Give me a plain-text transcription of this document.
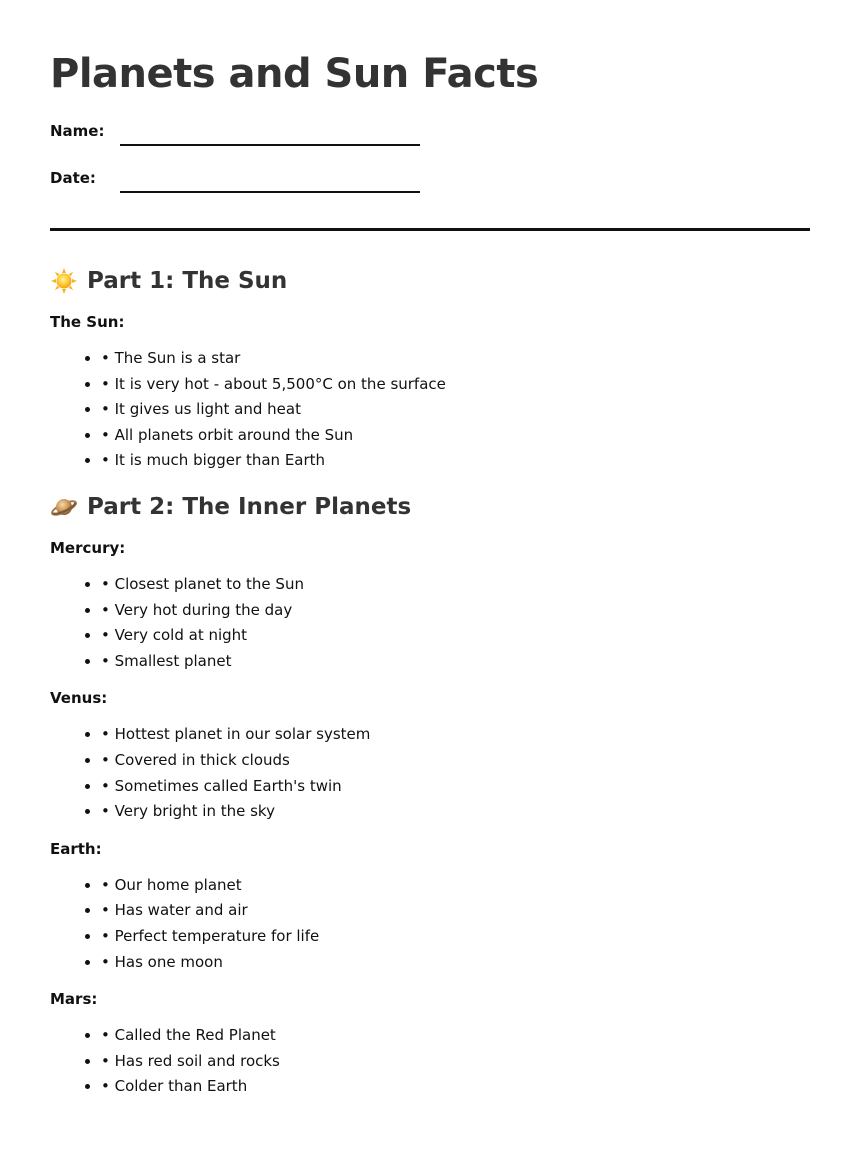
Planets and Sun Facts
Name:
Date:
Part 1: The Sun
The Sun:
• • The Sun is a star
• • It is very hot - about 5,500°C on the surface
• • It gives us light and heat
• • All planets orbit around the Sun
• • It is much bigger than Earth
Part 2: The Inner Planets
Mercury:
• • Closest planet to the Sun
• • Very hot during the day
• • Very cold at night
• • Smallest planet
Venus:
• • Hottest planet in our solar system
• • Covered in thick clouds
• • Sometimes called Earth's twin
• • Very bright in the sky
Earth:
• • Our home planet
• • Has water and air
• • Perfect temperature for life
• • Has one moon
Mars:
• • Called the Red Planet
• • Has red soil and rocks
• • Colder than Earth
